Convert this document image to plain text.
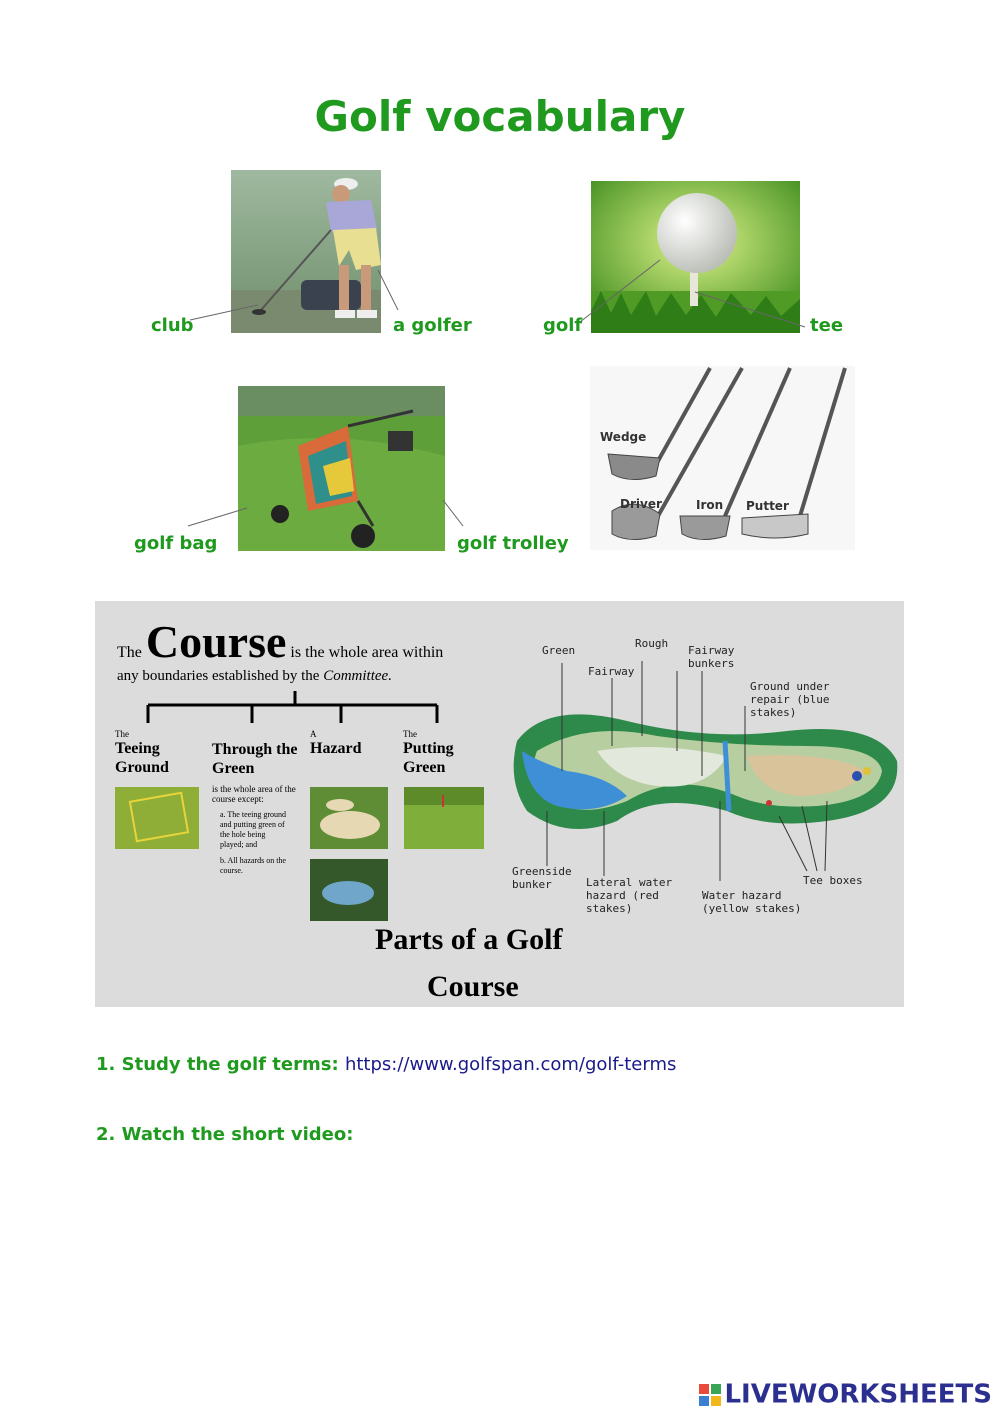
Golf vocabulary
club	a golfer	golf	tee
golf bag	golf trolley
Wedge
Driver	Iron Putter
The Course is the whole area within
any boundaries established by the Committee.
The
Teeing Ground
Through the Green
is the whole area of the course except:
a. The teeing ground and putting green of the hole being played; and
b. All hazards on the course.
A
Hazard
The
Putting Green
Parts of a Golf
Course
Green
Rough
Fairway
Fairway bunkers
Ground under repair (blue stakes)
Greenside bunker	Lateral water hazard (red stakes)
Water hazard (yellow stakes)
Tee boxes
1. Study the golf terms: https://www.golfspan.com/golf-terms
2. Watch the short video:
LIVEWORKSHEETS
